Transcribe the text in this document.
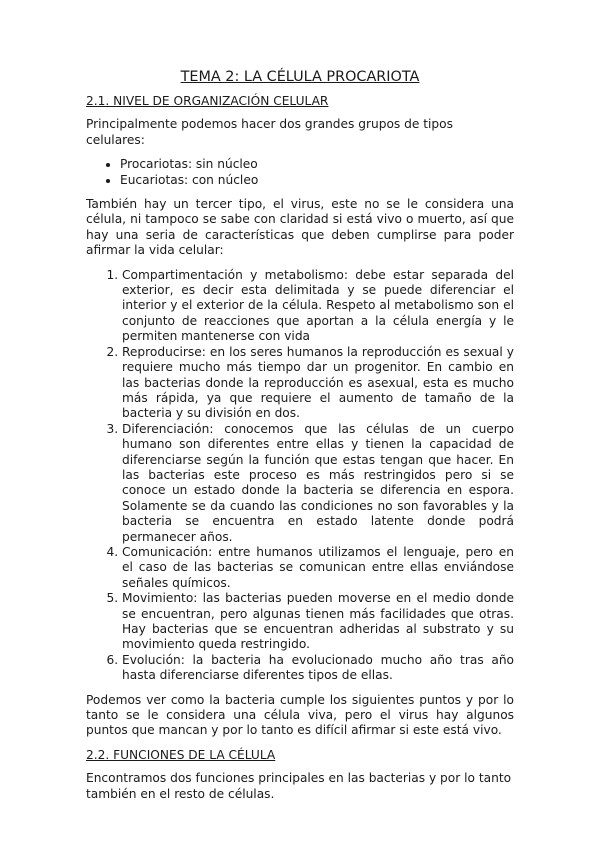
TEMA 2: LA CÉLULA PROCARIOTA
2.1. NIVEL DE ORGANIZACIÓN CELULAR

Principalmente podemos hacer dos grandes grupos de tipos celulares:

• Procariotas: sin núcleo
• Eucariotas: con núcleo

También hay un tercer tipo, el virus, este no se le considera una célula, ni tampoco se sabe con claridad si está vivo o muerto, así que hay una seria de características que deben cumplirse para poder afirmar la vida celular:

1. Compartimentación y metabolismo: debe estar separada del exterior, es decir esta delimitada y se puede diferenciar el interior y el exterior de la célula. Respeto al metabolismo son el conjunto de reacciones que aportan a la célula energía y le permiten mantenerse con vida
2. Reproducirse: en los seres humanos la reproducción es sexual y requiere mucho más tiempo dar un progenitor. En cambio en las bacterias donde la reproducción es asexual, esta es mucho más rápida, ya que requiere el aumento de tamaño de la bacteria y su división en dos.
3. Diferenciación: conocemos que las células de un cuerpo humano son diferentes entre ellas y tienen la capacidad de diferenciarse según la función que estas tengan que hacer. En las bacterias este proceso es más restringidos pero si se conoce un estado donde la bacteria se diferencia en espora. Solamente se da cuando las condiciones no son favorables y la bacteria se encuentra en estado latente donde podrá permanecer años.
4. Comunicación: entre humanos utilizamos el lenguaje, pero en el caso de las bacterias se comunican entre ellas enviándose señales químicos.
5. Movimiento: las bacterias pueden moverse en el medio donde se encuentran, pero algunas tienen más facilidades que otras. Hay bacterias que se encuentran adheridas al substrato y su movimiento queda restringido.
6. Evolución: la bacteria ha evolucionado mucho año tras año hasta diferenciarse diferentes tipos de ellas.

Podemos ver como la bacteria cumple los siguientes puntos y por lo tanto se le considera una célula viva, pero el virus hay algunos puntos que mancan y por lo tanto es difícil afirmar si este está vivo.

2.2. FUNCIONES DE LA CÉLULA

Encontramos dos funciones principales en las bacterias y por lo tanto también en el resto de células.
